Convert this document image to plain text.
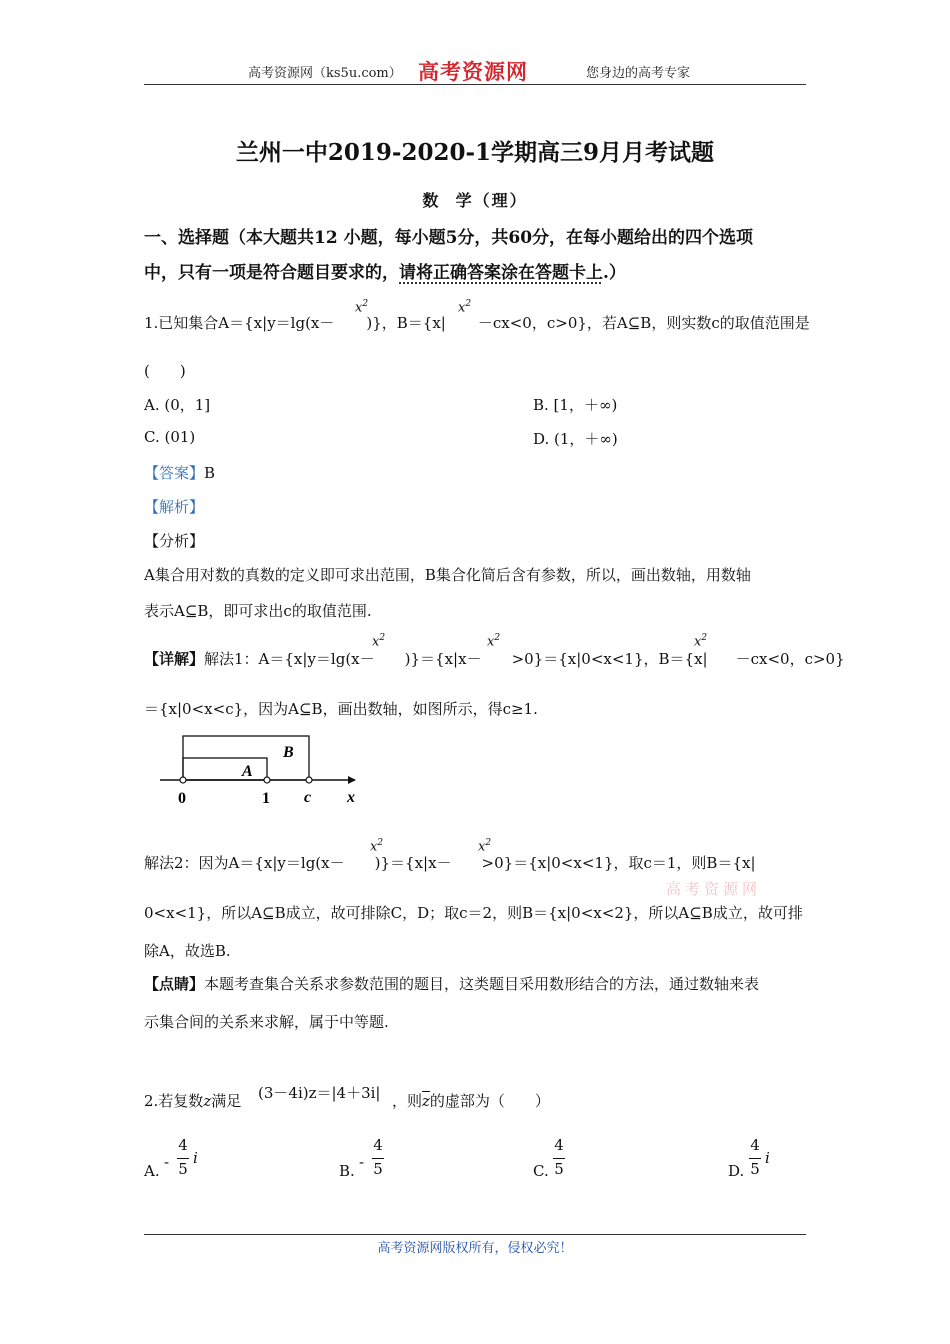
高考资源网（ks5u.com） 高考资源网	您身边的高考专家
兰州一中2019-2020-1学期高三9月月考试题
数  学（理）
一、选择题（本大题共12 小题，每小题5分，共60分，在每小题给出的四个选项
中，只有一项是符合题目要求的，请将正确答案涂在答题卡上.）
1.已知集合A＝{x|y＝lg(x－ )}，B＝{x| －cx<0，c>0}，若A⊆B，则实数c的取值范围是
$x^2$	$x^2$
(　　)
A. (0，1]	B. [1，＋∞)
C. (01)	D. (1，＋∞)
【答案】B
【解析】
【分析】
A集合用对数的真数的定义即可求出范围，B集合化简后含有参数，所以，画出数轴，用数轴
表示A⊆B，即可求出c的取值范围.
【详解】解法1：A＝{x|y＝lg(x－ )}＝{x|x－ >0}＝{x|0<x<1}，B＝{x| －cx<0，c>0}
$x^2$	$x^2$	$x^2$
＝{x|0<x<c}，因为A⊆B，画出数轴，如图所示，得c≥1.
B
A
0	1 c x
解法2：因为A＝{x|y＝lg(x－ )}＝{x|x－ >0}＝{x|0<x<1}，取c＝1，则B＝{x|
$x^2$	$x^2$
高考资源网
0<x<1}，所以A⊆B成立，故可排除C，D；取c＝2，则B＝{x|0<x<2}，所以A⊆B成立，故可排
除A，故选B.
【点睛】本题考查集合关系求参数范围的题目，这类题目采用数形结合的方法，通过数轴来表
示集合间的关系来求解，属于中等题.
2.若复数z满足 (3－4i)z＝|4＋3i| ，则$\overline{z}$的虚部为（　　）
A. -
4
5
i
B. -
4
5	C.
4
5	D.
4
5
i
高考资源网版权所有，侵权必究！
